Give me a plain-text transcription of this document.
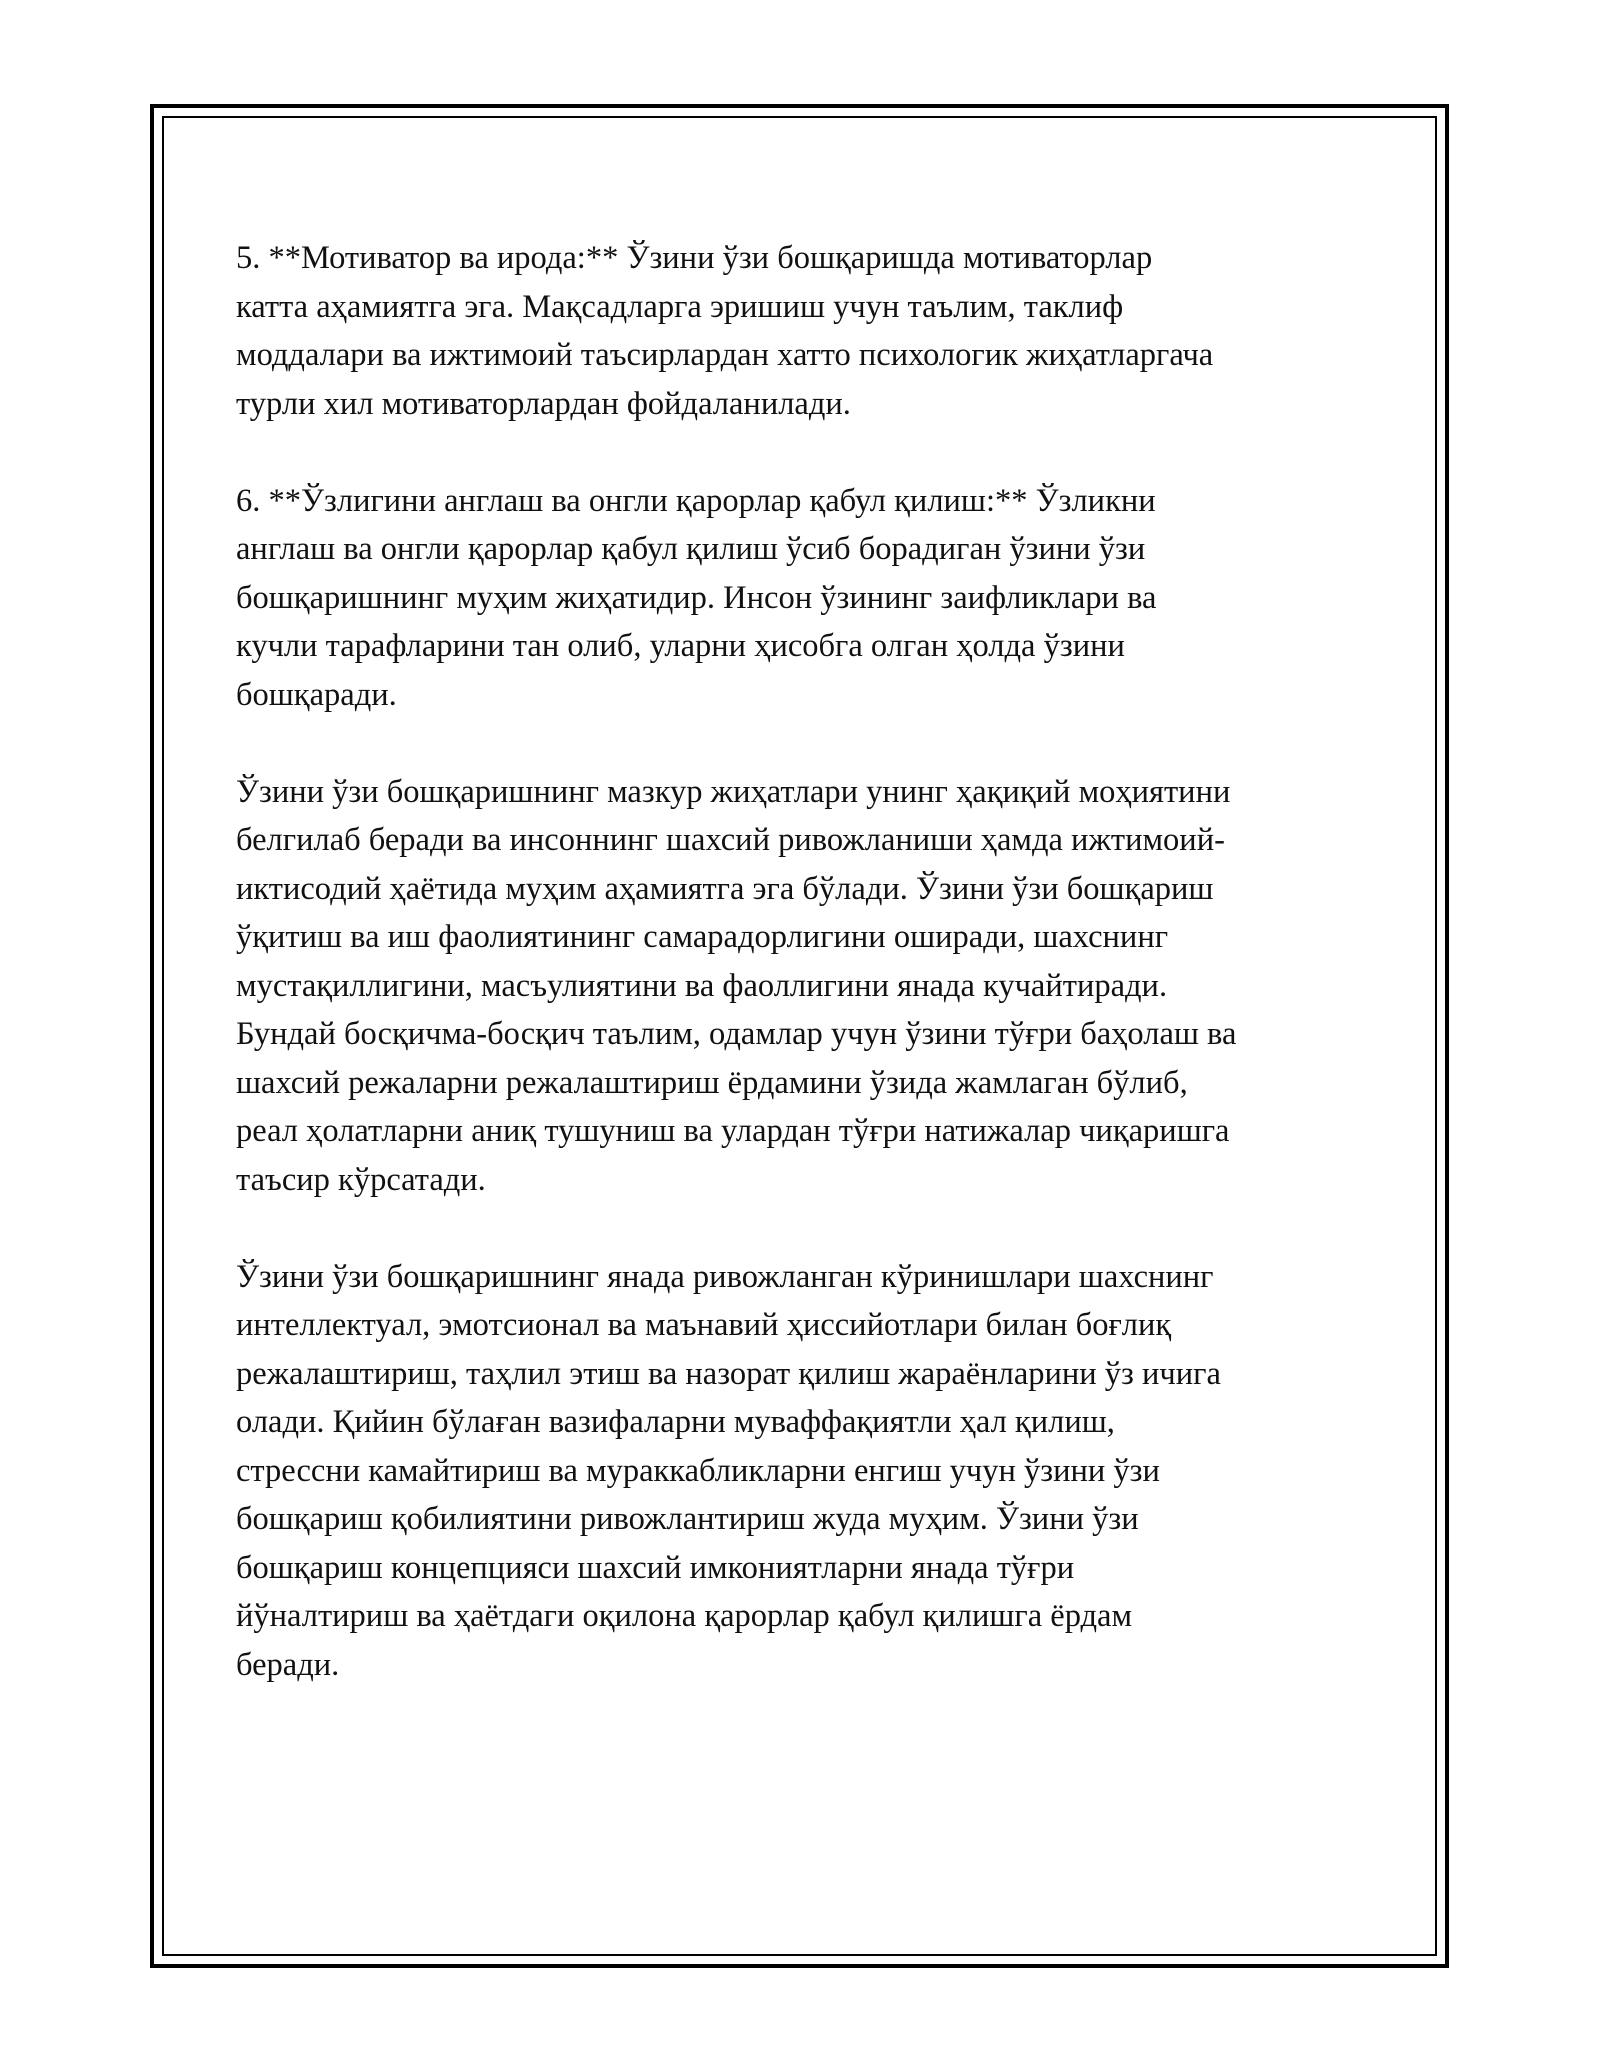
5. **Мотиватор ва ирода:** Ўзини ўзи бошқаришда мотиваторлар
катта аҳамиятга эга. Мақсадларга эришиш учун таълим, таклиф
моддалари ва ижтимоий таъсирлардан хатто психологик жиҳатларгача
турли хил мотиваторлардан фойдаланилади.

6. **Ўзлигини англаш ва онгли қарорлар қабул қилиш:** Ўзликни
англаш ва онгли қарорлар қабул қилиш ўсиб борадиган ўзини ўзи
бошқаришнинг муҳим жиҳатидир. Инсон ўзининг заифликлари ва
кучли тарафларини тан олиб, уларни ҳисобга олган ҳолда ўзини
бошқаради.

Ўзини ўзи бошқаришнинг мазкур жиҳатлари унинг ҳақиқий моҳиятини
белгилаб беради ва инсоннинг шахсий ривожланиши ҳамда ижтимоий-
иктисодий ҳаётида муҳим аҳамиятга эга бўлади. Ўзини ўзи бошқариш
ўқитиш ва иш фаолиятининг самарадорлигини оширади, шахснинг
мустақиллигини, масъулиятини ва фаоллигини янада кучайтиради.
Бундай босқичма-босқич таълим, одамлар учун ўзини тўғри баҳолаш ва
шахсий режаларни режалаштириш ёрдамини ўзида жамлаган бўлиб,
реал ҳолатларни аниқ тушуниш ва улардан тўғри натижалар чиқаришга
таъсир кўрсатади.

Ўзини ўзи бошқаришнинг янада ривожланган кўринишлари шахснинг
интеллектуал, эмотсионал ва маънавий ҳиссийотлари билан боғлиқ
режалаштириш, таҳлил этиш ва назорат қилиш жараёнларини ўз ичига
олади. Қийин бўлаған вазифаларни муваффақиятли ҳал қилиш,
стрессни камайтириш ва мураккабликларни енгиш учун ўзини ўзи
бошқариш қобилиятини ривожлантириш жуда муҳим. Ўзини ўзи
бошқариш концепцияси шахсий имкониятларни янада тўғри
йўналтириш ва ҳаётдаги оқилона қарорлар қабул қилишга ёрдам
беради.
